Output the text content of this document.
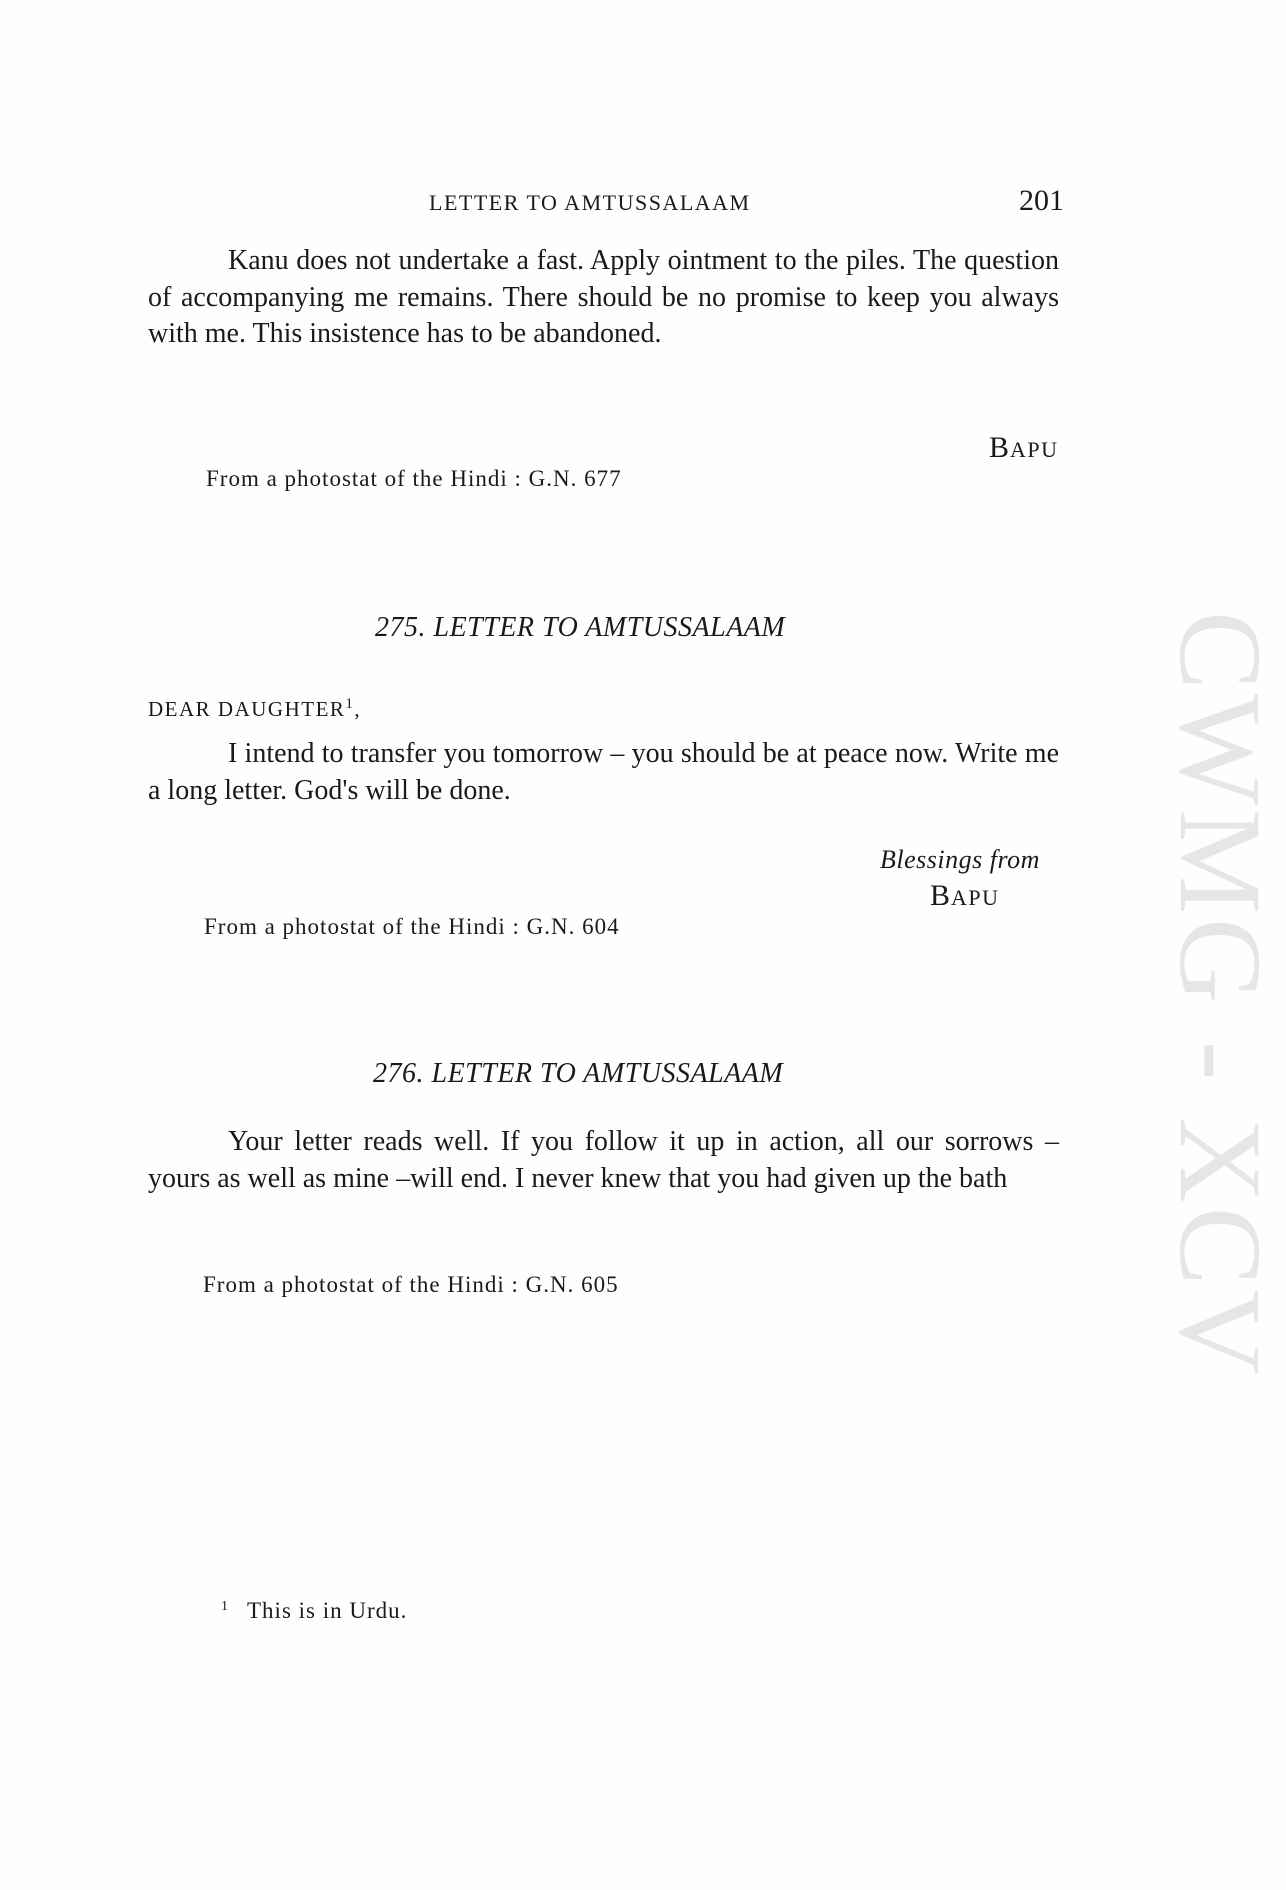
CWMG - XCV
LETTER TO AMTUSSALAAM	201

Kanu does not undertake a fast. Apply ointment to the piles. The question of accompanying me remains. There should be no promise to keep you always with me. This insistence has to be abandoned.

BAPU
From a photostat of the Hindi : G.N. 677
275. LETTER TO AMTUSSALAAM
DEAR DAUGHTER$^1$,

I intend to transfer you tomorrow – you should be at peace now. Write me a long letter. God's will be done.

Blessings from
BAPU
From a photostat of the Hindi : G.N. 604
276. LETTER TO AMTUSSALAAM

Your letter reads well. If you follow it up in action, all our sorrows – yours as well as mine –will end. I never knew that you had given up the bath

From a photostat of the Hindi : G.N. 605
$^1$ This is in Urdu.
